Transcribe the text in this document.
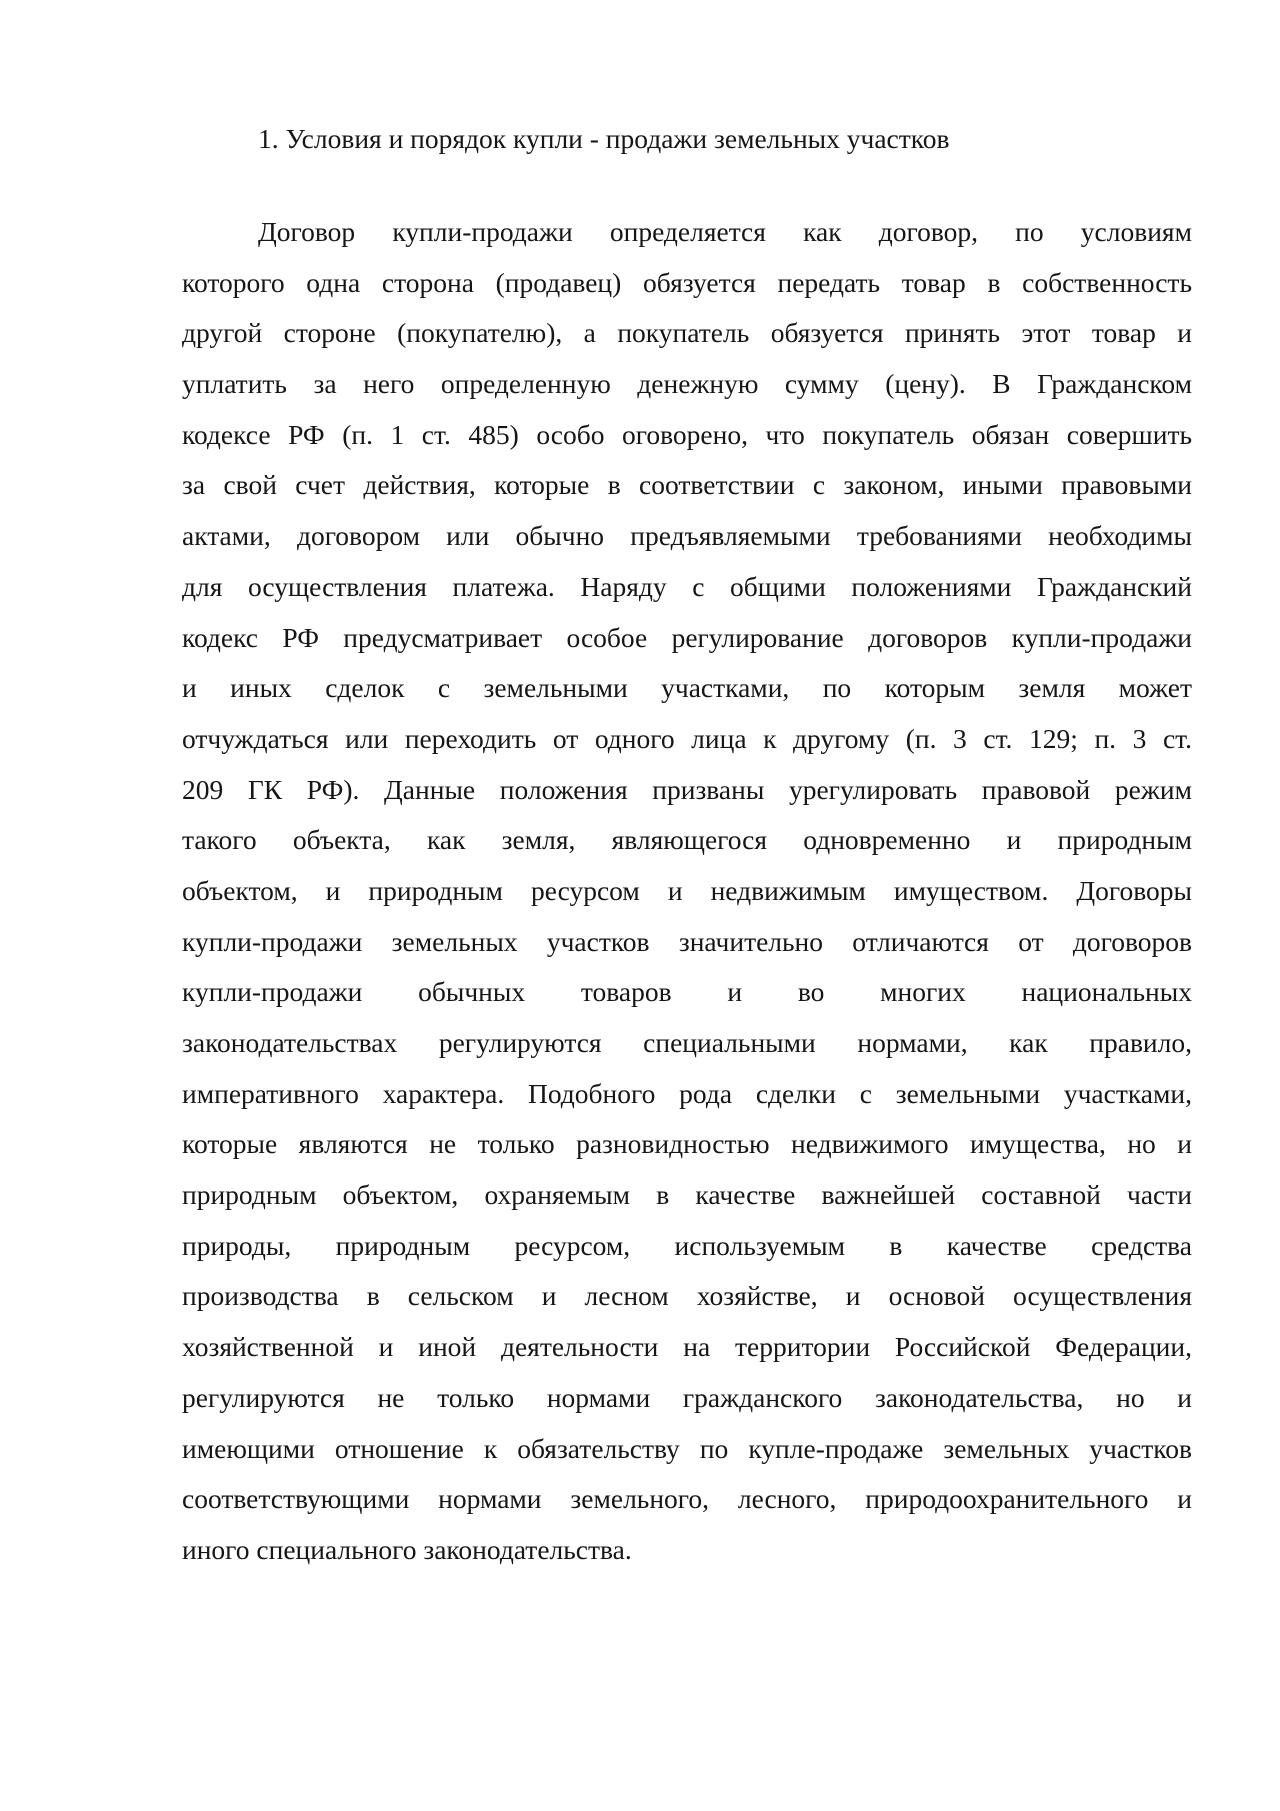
1. Условия и порядок купли - продажи земельных участков
Договор купли-продажи определяется как договор, по условиям
которого одна сторона (продавец) обязуется передать товар в собственность
другой стороне (покупателю), а покупатель обязуется принять этот товар и
уплатить за него определенную денежную сумму (цену). В Гражданском
кодексе РФ (п. 1 ст. 485) особо оговорено, что покупатель обязан совершить
за свой счет действия, которые в соответствии с законом, иными правовыми
актами, договором или обычно предъявляемыми требованиями необходимы
для осуществления платежа. Наряду с общими положениями Гражданский
кодекс РФ предусматривает особое регулирование договоров купли-продажи
и иных сделок с земельными участками, по которым земля может
отчуждаться или переходить от одного лица к другому (п. 3 ст. 129; п. 3 ст.
209 ГК РФ). Данные положения призваны урегулировать правовой режим
такого объекта, как земля, являющегося одновременно и природным
объектом, и природным ресурсом и недвижимым имуществом. Договоры
купли-продажи земельных участков значительно отличаются от договоров
купли-продажи обычных товаров и во многих национальных
законодательствах регулируются специальными нормами, как правило,
императивного характера. Подобного рода сделки с земельными участками,
которые являются не только разновидностью недвижимого имущества, но и
природным объектом, охраняемым в качестве важнейшей составной части
природы, природным ресурсом, используемым в качестве средства
производства в сельском и лесном хозяйстве, и основой осуществления
хозяйственной и иной деятельности на территории Российской Федерации,
регулируются не только нормами гражданского законодательства, но и
имеющими отношение к обязательству по купле-продаже земельных участков
соответствующими нормами земельного, лесного, природоохранительного и
иного специального законодательства.
